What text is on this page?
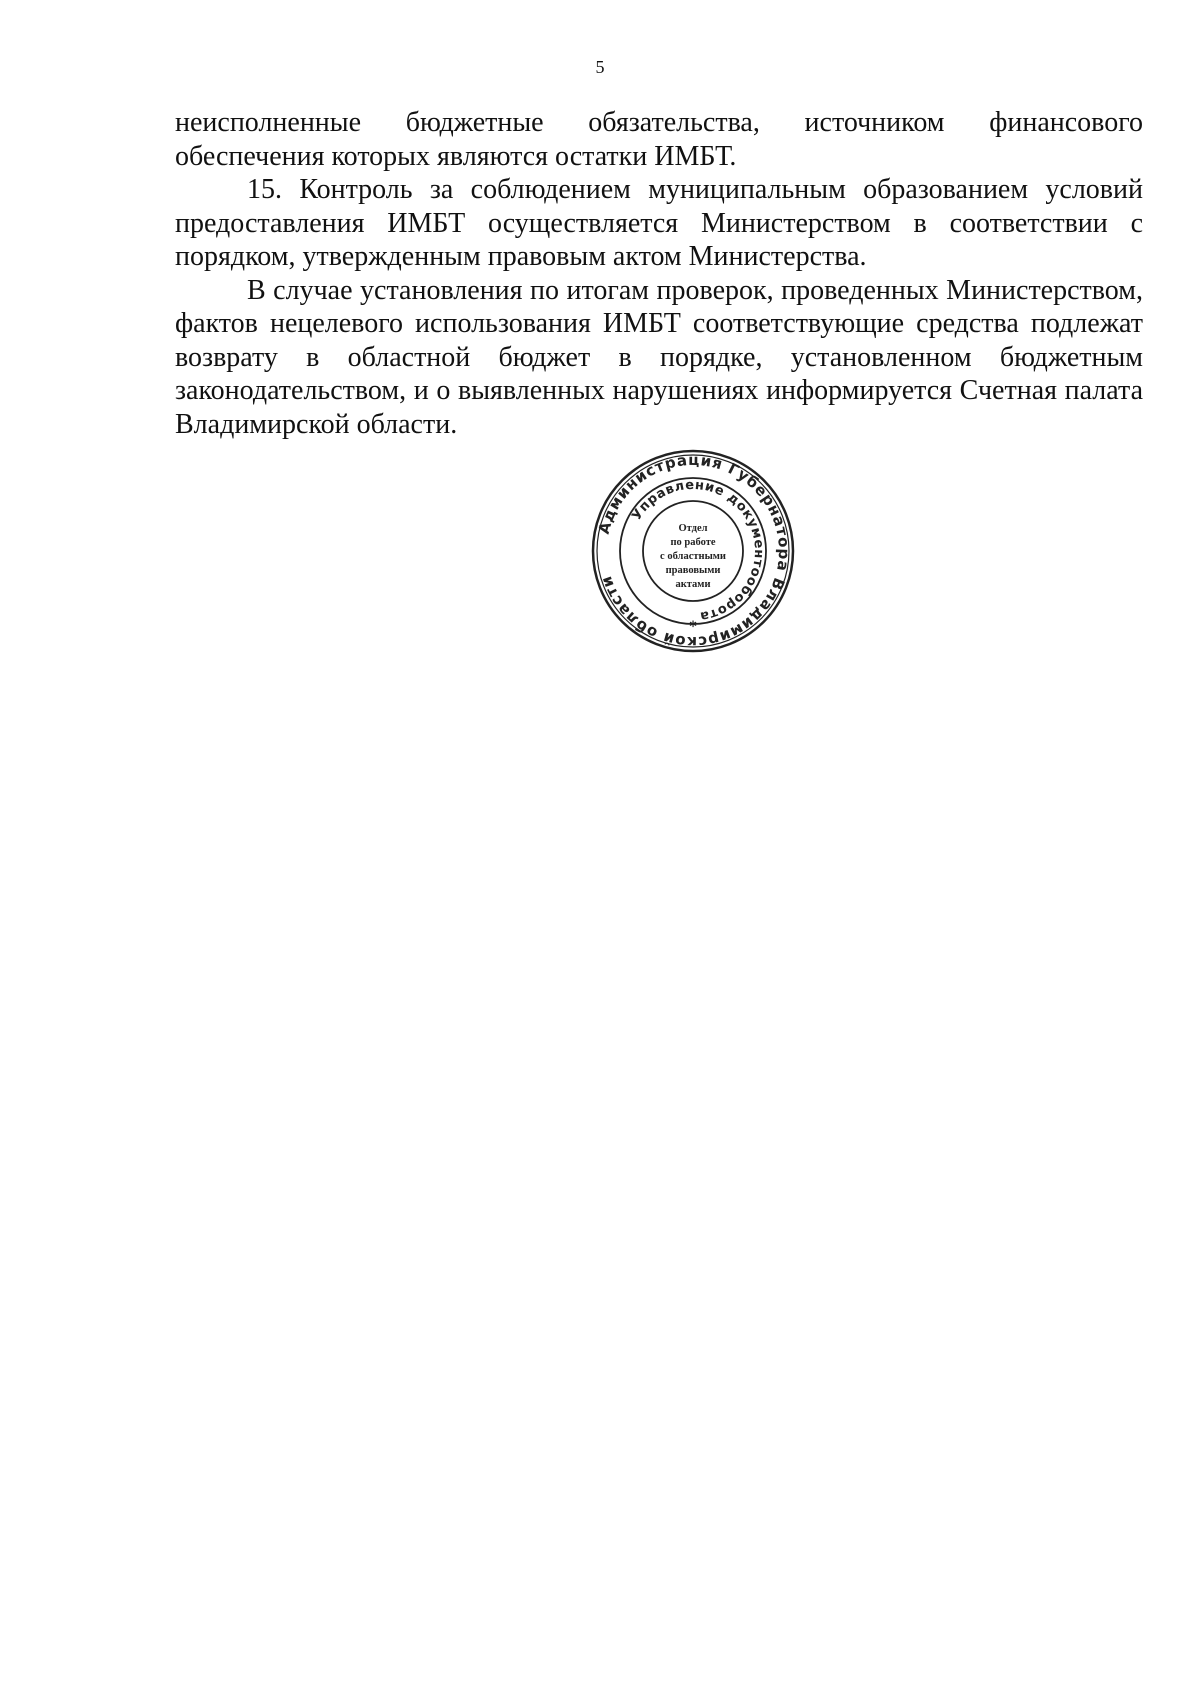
5

неисполненные бюджетные обязательства, источником финансового обеспечения которых являются остатки ИМБТ.

15. Контроль за соблюдением муниципальным образованием условий предоставления ИМБТ осуществляется Министерством в соответствии с порядком, утвержденным правовым актом Министерства.

В случае установления по итогам проверок, проведенных Министерством, фактов нецелевого использования ИМБТ соответствующие средства подлежат возврату в областной бюджет в порядке, установленном бюджетным законодательством, и о выявленных нарушениях информируется Счетная палата Владимирской области.

Администрация Губернатора Владимирской области
Управление документооборота
*
Отдел
по работе
с областными
правовыми
актами
